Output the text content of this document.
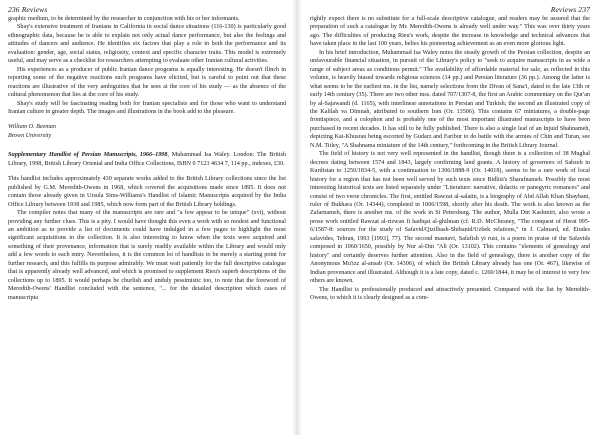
236 Reviews

graphic medium, to be determined by the researcher in conjunction with his or her informants.

Shay's extensive treatment of Iranians in California in social dance situations (116-130) is particularly good ethnographic data, because he is able to explain not only actual dance performance, but also the feelings and attitudes of dancers and audience. He identifies six factors that play a role in both the performance and its evaluation: gender, age, social status, religiosity, context and specific character traits. This model is extremely useful, and may serve as a checklist for researchers attempting to evaluate other Iranian cultural activities.

His experiences as a producer of public Iranian dance programs is equally interesting. He doesn't flinch in reporting some of the negative reactions such programs have elicited, but is careful to point out that these reactions are illustrative of the very ambiguities that he sees at the core of his study — as the absence of the cultural phenomenon that lies at the core of his study.

Shay's study will be fascinating reading both for Iranian specialists and for those who want to understand Iranian culture in greater depth. The images and illustrations in the book add to the pleasure.

William O. Beeman
Brown University
Supplementary Handlist of Persian Manuscripts, 1966–1998, Muhammad Isa Waley. London: The British Library, 1998, British Library Oriental and India Office Collections, ISBN 0 7123 4634 7, 114 pp., indexes, £30.

This handlist includes approximately 430 separate works added to the British Library collections since the list published by G.M. Meredith-Owens in 1968, which covered the acquisitions made since 1895. It does not contain those already given in Ursula Sims-Williams's Handlist of Islamic Manuscripts acquired by the India Office Library between 1938 and 1985, which now form part of the British Library holdings.

The compiler notes that many of the manuscripts are rare and "a few appear to be unique" (xvi), without providing any further clues. This is a pity. I would have thought this even a work with so modest and functional an ambition as to provide a list of documents could have indulged in a few pages to highlight the most significant acquisitions in the collection. It is also interesting to know when the texts were acquired and something of their provenance, information that is surely readily available within the Library and would only add a few words to each entry. Nevertheless, it is the common lot of handlists to be merely a starting point for further research, and this fulfills its purpose admirably. We must wait patiently for the full descriptive catalogue that is apparently already well advanced, and which is promised to supplement Rieu's superb descriptions of the collections up to 1895. It would perhaps be churlish and unduly pessimistic too, to note that the foreword of Meredith-Owens' Handlist concluded with the sentence, "... for the detailed description which cases of manuscripta

Reviews 237

rightly expect there is no substitute for a full-scale descriptive catalogue, and readers may be assured that the preparation of such a catalogue by Mr. Meredith-Owens is already well under way." This was over thirty years ago. The difficulties of producing Rieu's work, despite the increase in knowledge and technical advances that have taken place in the last 100 years, belies his pioneering achievement as an even more glorious light.

In his brief introduction, Muhammad Isa Waley notes the steady growth of the Persian collection, despite an unfavourable financial situation, in pursuit of the Library's policy to "seek to acquire manuscripts in as wide a range of subject areas as conditions permit." The availability of affordable material for sale, as reflected in this volume, is heavily biased towards religious sciences (14 pp.) and Persian literature (36 pp.). Among the latter is what seems to be the earliest ms. in the list, namely selections from the Divan of Sana'i, dated to the late 13th or early 14th century (35). There are two other mss. dated 707/1307-8, the first an Arabic commentary on the Qur'an by al-Sajawandi (d. 1165), with interlinear annotations in Persian and Turkish; the second an illustrated copy of the Kalilah va Dimnah, attributed to southern Iran (Or. 13506). This contains 67 miniatures, a double-page frontispiece, and a colophon and is probably one of the most important illustrated manuscripts to have been purchased in recent decades. It has still to be fully published. There is also a single leaf of an Injuid Shahnameh, depicting Kai-Khusrau being escorted by Gudarz and Faribur to do battle with the armies of Chin and Turan, see N.M. Titley, "A Shahnama miniature of the 14th century," forthcoming in the British Library Journal.

The field of history is not very well represented in the handlist, though there is a collection of 38 Mughal decrees dating between 1574 and 1843, largely confirming land grants. A history of governors of Sabzeh in Kurdistan to 1250/1834-5, with a continuation to 1306/1888-9 (Or. 14018), seems to be a rare work of local history for a region that has not been well served by such texts since Bidlisi's Sharafnameh. Possibly the most interesting historical texts are listed separately under "Literature: narrative, didactic or panegyric romances" and consist of two verse chronicles. The first, entitled Rawzat al-salatin, is a biography of Abd Allah Khan Shaybani, ruler of Bukhara (Or. 14344), completed in 1006/1598, shortly after his death. The work is also known as the Zafarnameh, there is another ms. of the work in St Petersburg. The author, Mulla Din Kashmiri, also wrote a prose work entitled Rawzat al-rizwan fi hadiqat al-ghilman (cf. R.D. McChesney, "The conquest of Herat 995-6/1587-8: sources for the study of Safavid/Qizilbash-Shibanid/Uzbek relations," in J. Calmard, ed. Etudes safavides, Tehran, 1993 [1993], 77). The second masnavi, Safafish yi rust, is a poem in praise of the Safavids composed in 1060/1650, possibly by Nur al-Din "Ali (Or. 13102). This contains "elements of genealogy and history" and certainly deserves further attention. Also in the field of genealogy, there is another copy of the Anonymous Mu'izz al-ansab (Or. 14306), of which the British Library already has one (Or. 467), likewise of Indian provenance and illustrated. Although it is a late copy, dated c. 1260/1844, it may be of interest to very few others are known.

The Handlist is professionally produced and attractively presented. Compared with the list by Meredith-Owens, to which it is clearly designed as a com-
